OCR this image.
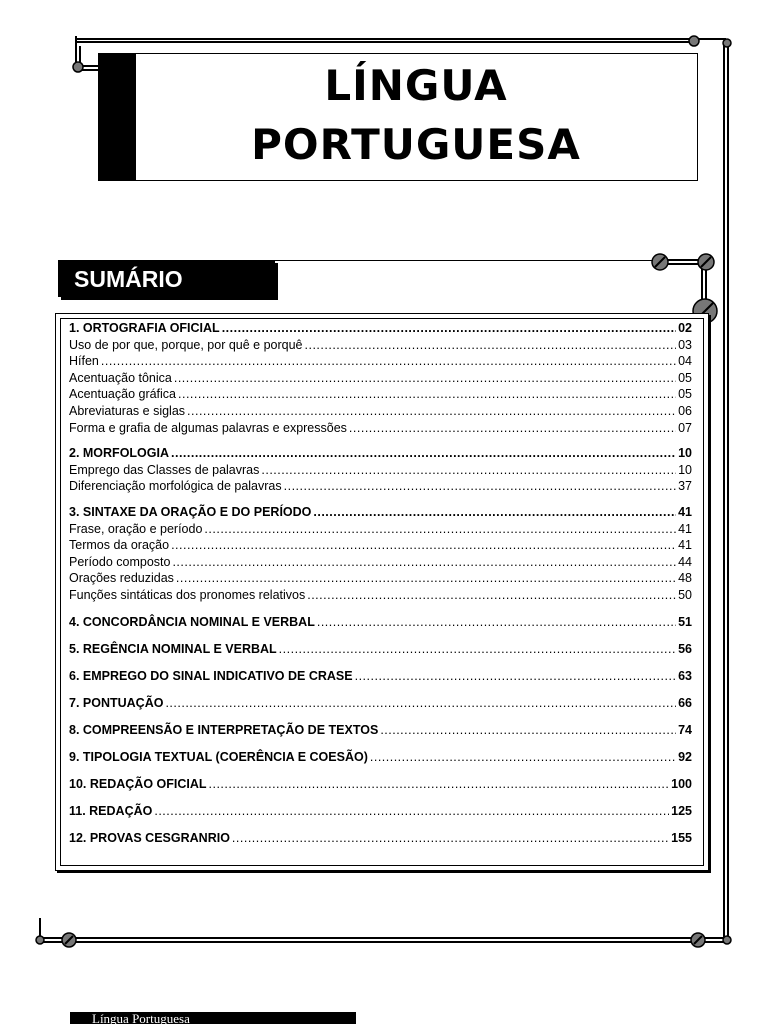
LÍNGUA
PORTUGUESA
SUMÁRIO
1. ORTOGRAFIA OFICIAL .....	02
Uso de por que, porque, por quê e porquê .....	03
Hífen .....	04
Acentuação tônica .....	05
Acentuação gráfica .....	05
Abreviaturas e siglas .....	06
Forma e grafia de algumas palavras e expressões .....	07
2. MORFOLOGIA .....	10
Emprego das Classes de palavras .....	10
Diferenciação morfológica de palavras .....	37
3. SINTAXE DA ORAÇÃO E DO PERÍODO .....	41
Frase, oração e período .....	41
Termos da oração .....	41
Período composto .....	44
Orações reduzidas .....	48
Funções sintáticas dos pronomes relativos .....	50
4. CONCORDÂNCIA NOMINAL E VERBAL .....	51
5. REGÊNCIA NOMINAL E VERBAL .....	56
6. EMPREGO DO SINAL INDICATIVO DE CRASE .....	63
7. PONTUAÇÃO .....	66
8. COMPREENSÃO E INTERPRETAÇÃO DE TEXTOS .....	74
9. TIPOLOGIA TEXTUAL (COERÊNCIA E COESÃO) .....	92
10. REDAÇÃO OFICIAL .....	100
11. REDAÇÃO .....	125
12. PROVAS CESGRANRIO .....	155
Língua Portuguesa
